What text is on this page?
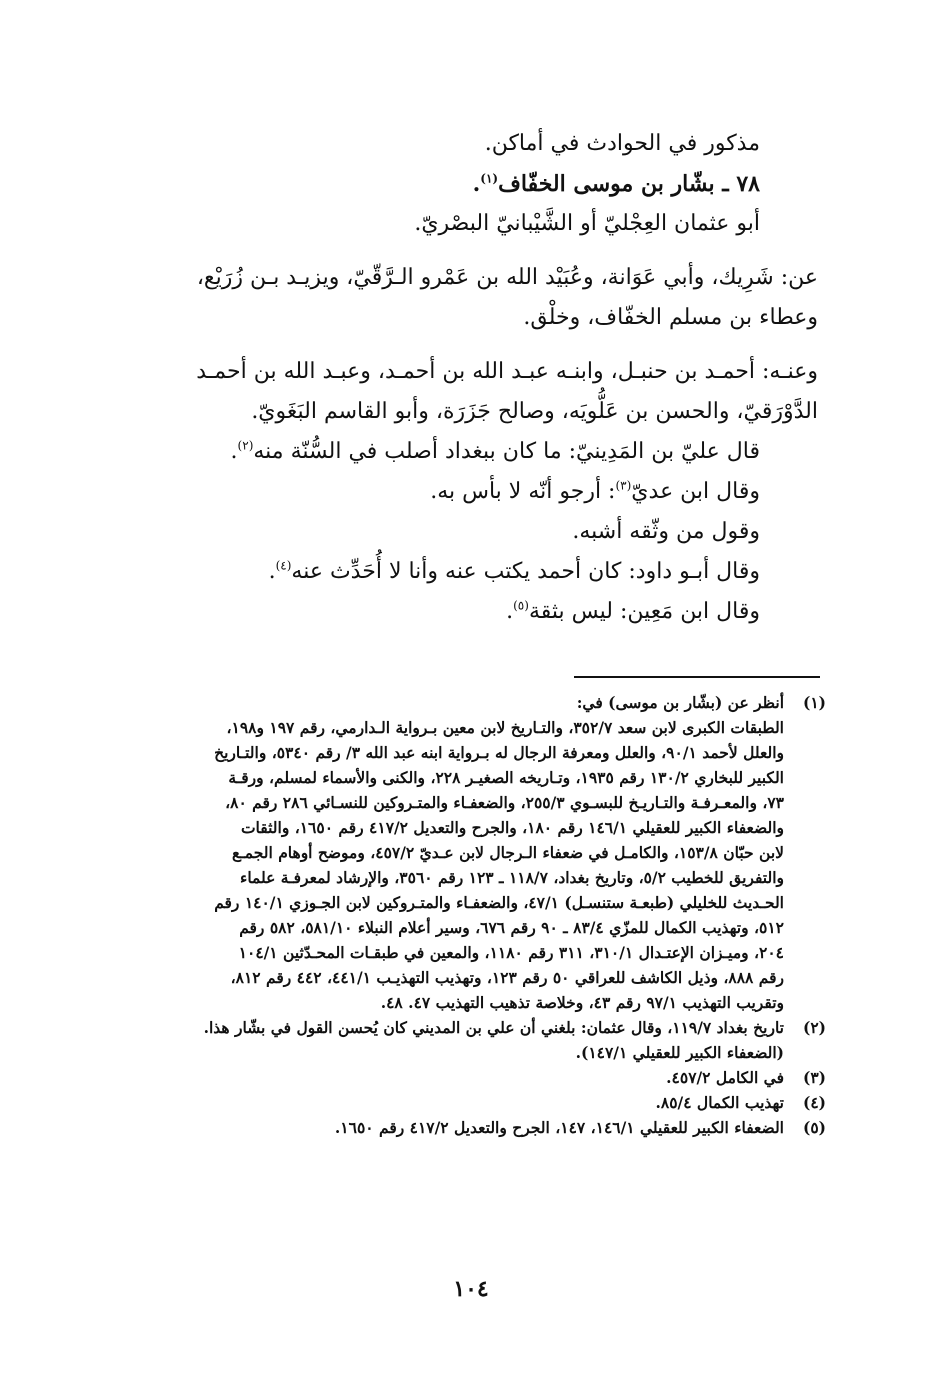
مذكور في الحوادث في أماكن.
٧٨ ـ بشّار بن موسى الخفّاف$^{(١)}$.
أبو عثمان العِجْليّ أو الشَّيْبانيّ البصْريّ.
عن: شَرِيك، وأبي عَوَانة، وعُبَيْد الله بن عَمْرو الـرَّقّيّ، ويزيـد بـن زُرَيْع،
وعطاء بن مسلم الخفّاف، وخلْق.
وعنـه: أحمـد بن حنبـل، وابنـه عبـد الله بن أحمـد، وعبـد الله بن أحمـد
الدَّوْرَقيّ، والحسن بن عَلُّويَه، وصالح جَزَرَة، وأبو القاسم البَغَويّ.
قال عليّ بن المَدِينيّ: ما كان ببغداد أصلب في السُّنّة منه$^{(٢)}$.
وقال ابن عديّ$^{(٣)}$: أرجو أنّه لا بأس به.
وقول من وثّقه أشبه.
وقال أبـو داود: كان أحمد يكتب عنه وأنا لا أُحَدِّث عنه$^{(٤)}$.
وقال ابن مَعِين: ليس بثقة$^{(٥)}$.
(١)
أنظر عن (بشّار بن موسى) في:
الطبقات الكبرى لابن سعد ٣٥٢/٧، والتـاريخ لابن معين بـرواية الـدارمي، رقم ١٩٧ و١٩٨،
والعلل لأحمد ٩٠/١، والعلل ومعرفة الرجال له بـرواية ابنه عبد الله ٣/ رقم ٥٣٤٠، والتـاريخ
الكبير للبخاري ١٣٠/٢ رقم ١٩٣٥، وتـاريخه الصغيـر ٢٢٨، والكنى والأسماء لمسلم، ورقـة
٧٣، والمعـرفـة والتـاريـخ للبسـوي ٢٥٥/٣، والضعفـاء والمتـروكين للنسـائي ٢٨٦ رقم ٨٠،
والضعفاء الكبير للعقيلي ١٤٦/١ رقم ١٨٠، والجرح والتعديل ٤١٧/٢ رقم ١٦٥٠، والثقات
لابن حبّان ١٥٣/٨، والكامـل في ضعفاء الـرجال لابن عـديّ ٤٥٧/٢، وموضح أوهام الجمـع
والتفريق للخطيب ٥/٢، وتاريخ بغداد، ١١٨/٧ ـ ١٢٣ رقم ٣٥٦٠، والإرشاد لمعرفـة علماء
الحـديث للخليلي (طبعـة ستنسـل) ٤٧/١، والضعفـاء والمتـروكين لابن الجـوزي ١٤٠/١ رقم
٥١٢، وتهذيب الكمال للمزّي ٨٣/٤ ـ ٩٠ رقم ٦٧٦، وسير أعلام النبلاء ٥٨١/١٠، ٥٨٢ رقم
٢٠٤، وميـزان الإعتـدال ٣١٠/١، ٣١١ رقم ١١٨٠، والمعين في طبقـات المحـدّثين ١٠٤/١
رقم ٨٨٨، وذيل الكاشف للعراقي ٥٠ رقم ١٢٣، وتهذيب التهذيـب ٤٤١/١، ٤٤٢ رقم ٨١٢،
وتقريب التهذيب ٩٧/١ رقم ٤٣، وخلاصة تذهيب التهذيب ٤٧. ٤٨.
(٢)
تاريخ بغداد ١١٩/٧، وقال عثمان: بلغني أن علي بن المديني كان يُحسن القول في بشّار هذا.
(الضعفاء الكبير للعقيلي ١٤٧/١).
(٣)
في الكامل ٤٥٧/٢.
(٤)
تهذيب الكمال ٨٥/٤.
(٥)
الضعفاء الكبير للعقيلي ١٤٦/١، ١٤٧، الجرح والتعديل ٤١٧/٢ رقم ١٦٥٠.
١٠٤
